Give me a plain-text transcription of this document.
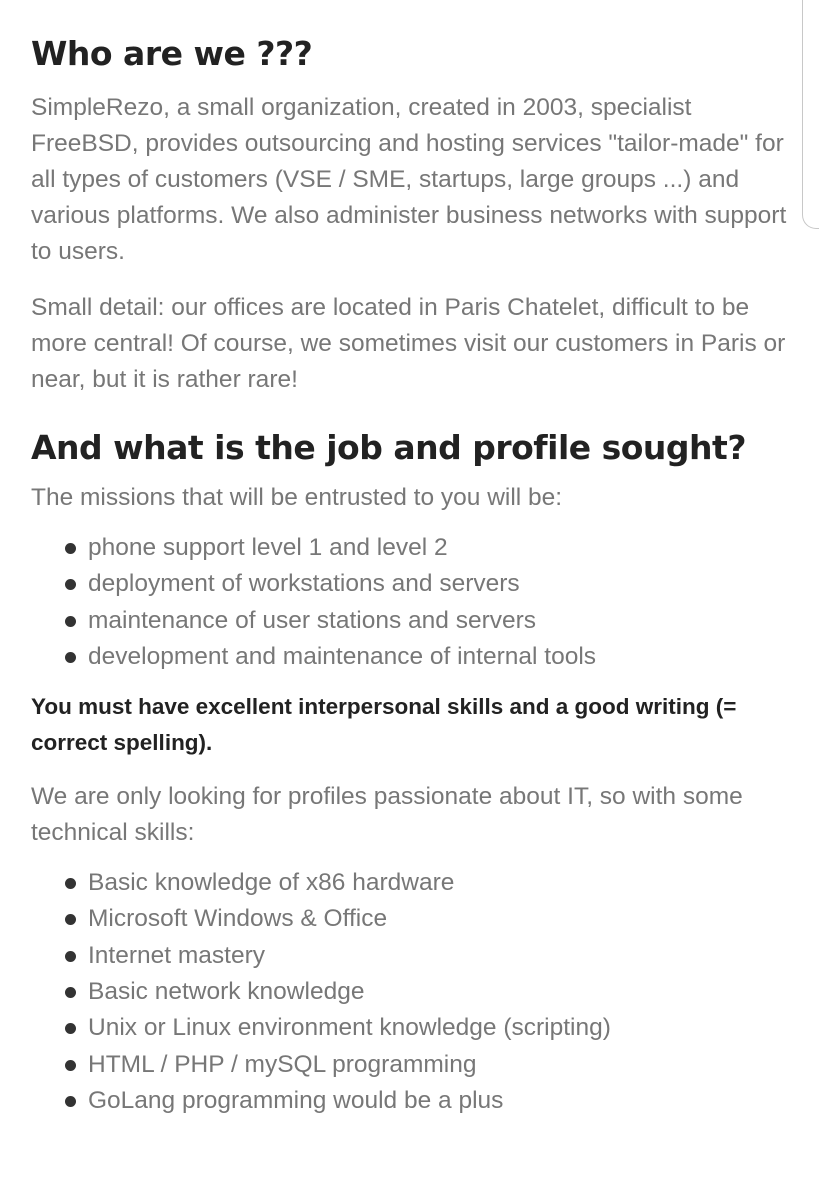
Who are we ???

SimpleRezo, a small organization, created in 2003, specialist FreeBSD, provides outsourcing and hosting services "tailor-made" for all types of customers (VSE / SME, startups, large groups ...) and various platforms. We also administer business networks with support to users.

Small detail: our offices are located in Paris Chatelet, difficult to be more central! Of course, we sometimes visit our customers in Paris or near, but it is rather rare!

And what is the job and profile sought?

The missions that will be entrusted to you will be:

phone support level 1 and level 2
deployment of workstations and servers
maintenance of user stations and servers
development and maintenance of internal tools

You must have excellent interpersonal skills and a good writing (= correct spelling).

We are only looking for profiles passionate about IT, so with some technical skills:

Basic knowledge of x86 hardware
Microsoft Windows & Office
Internet mastery
Basic network knowledge
Unix or Linux environment knowledge (scripting)
HTML / PHP / mySQL programming
GoLang programming would be a plus
